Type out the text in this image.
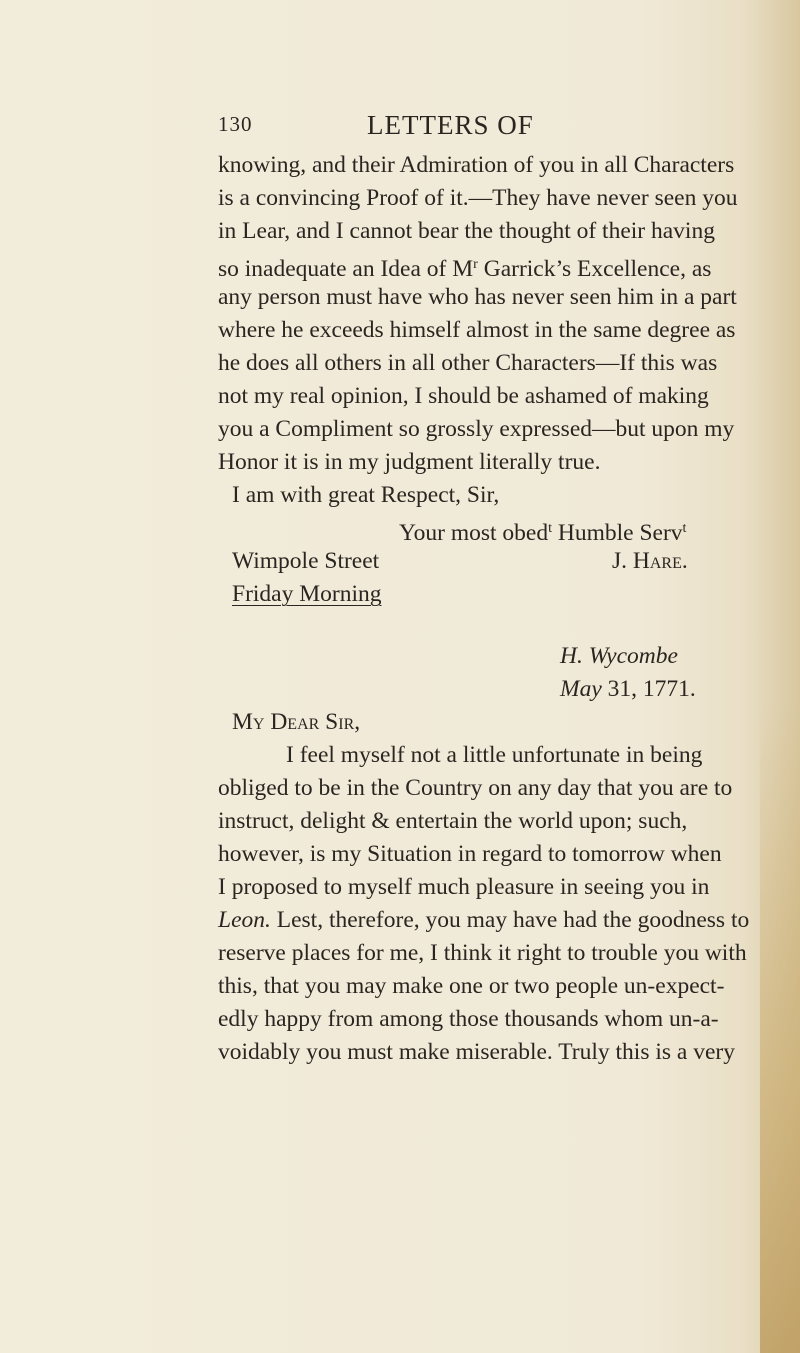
130	LETTERS OF
knowing, and their Admiration of you in all Characters
is a convincing Proof of it.—They have never seen you
in Lear, and I cannot bear the thought of their having
so inadequate an Idea of $M^r$ Garrick’s Excellence, as
any person must have who has never seen him in a part
where he exceeds himself almost in the same degree as
he does all others in all other Characters—If this was
not my real opinion, I should be ashamed of making
you a Compliment so grossly expressed—but upon my
Honor it is in my judgment literally true.
I am with great Respect, Sir,
Your most obed$^t$ Humble Serv$^t$
Wimpole Street	J. Hare.
Friday Morning
H. Wycombe
May 31, 1771.
My Dear Sir,
I feel myself not a little unfortunate in being
obliged to be in the Country on any day that you are to
instruct, delight & entertain the world upon; such,
however, is my Situation in regard to tomorrow when
I proposed to myself much pleasure in seeing you in
Leon. Lest, therefore, you may have had the goodness to
reserve places for me, I think it right to trouble you with
this, that you may make one or two people un-expect-
edly happy from among those thousands whom un-a-
voidably you must make miserable. Truly this is a very
